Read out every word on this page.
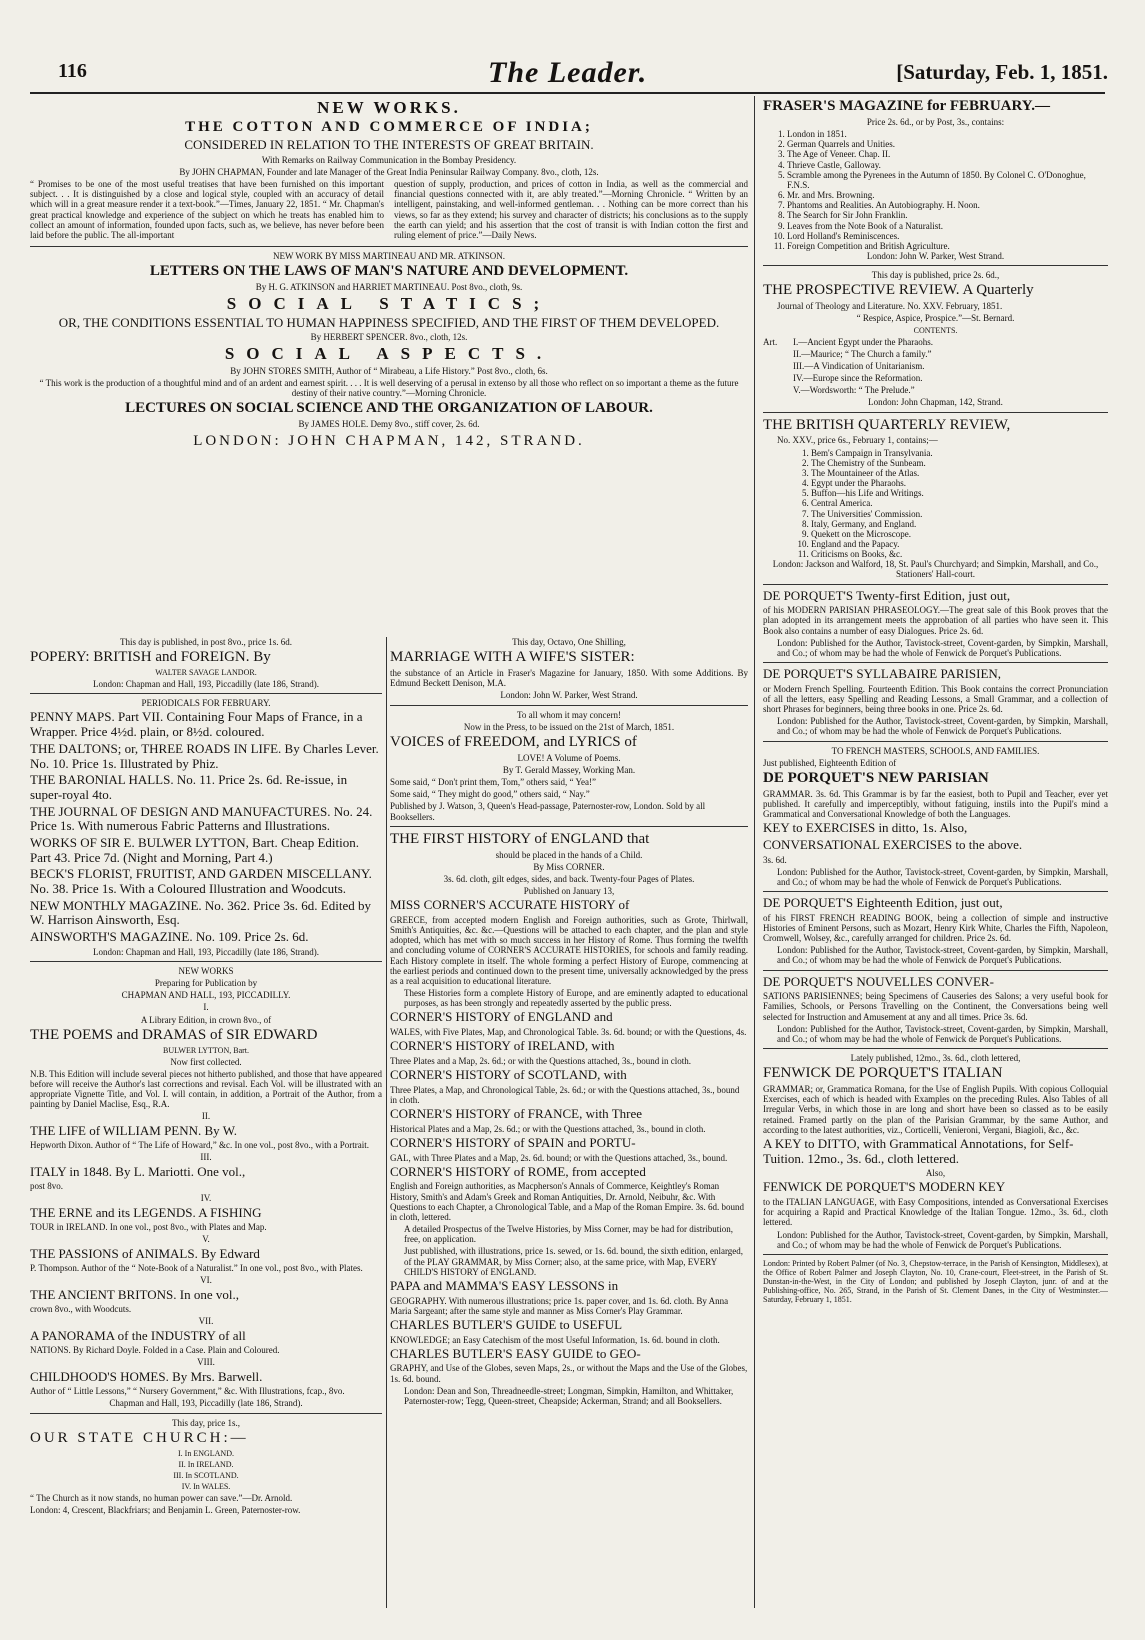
116	The Leader.	[Saturday, Feb. 1, 1851.

NEW WORKS.

THE COTTON AND COMMERCE OF INDIA;

CONSIDERED IN RELATION TO THE INTERESTS OF GREAT BRITAIN.

With Remarks on Railway Communication in the Bombay Presidency.

By JOHN CHAPMAN, Founder and late Manager of the Great India Peninsular Railway Company. 8vo., cloth, 12s.

“ Promises to be one of the most useful treatises that have been furnished on this important subject. . . It is distinguished by a close and logical style, coupled with an accuracy of detail which will in a great measure render it a text-book.”—Times, January 22, 1851. “ Mr. Chapman's great practical knowledge and experience of the subject on which he treats has enabled him to collect an amount of information, founded upon facts, such as, we believe, has never before been laid before the public. The all-important

question of supply, production, and prices of cotton in India, as well as the commercial and financial questions connected with it, are ably treated.”—Morning Chronicle. “ Written by an intelligent, painstaking, and well-informed gentleman. . . Nothing can be more correct than his views, so far as they extend; his survey and character of districts; his conclusions as to the supply the earth can yield; and his assertion that the cost of transit is with Indian cotton the first and ruling element of price.”—Daily News.

NEW WORK BY MISS MARTINEAU AND MR. ATKINSON.

LETTERS ON THE LAWS OF MAN'S NATURE AND DEVELOPMENT.

By H. G. ATKINSON and HARRIET MARTINEAU. Post 8vo., cloth, 9s.

SOCIAL STATICS;

OR, THE CONDITIONS ESSENTIAL TO HUMAN HAPPINESS SPECIFIED, AND THE FIRST OF THEM DEVELOPED.

By HERBERT SPENCER. 8vo., cloth, 12s.

SOCIAL ASPECTS.

By JOHN STORES SMITH, Author of “ Mirabeau, a Life History.” Post 8vo., cloth, 6s.

“ This work is the production of a thoughtful mind and of an ardent and earnest spirit. . . . It is well deserving of a perusal in extenso by all those who reflect on so important a theme as the future destiny of their native country.”—Morning Chronicle.

LECTURES ON SOCIAL SCIENCE AND THE ORGANIZATION OF LABOUR.

By JAMES HOLE. Demy 8vo., stiff cover, 2s. 6d.

LONDON: JOHN CHAPMAN, 142, STRAND.

This day is published, in post 8vo., price 1s. 6d.

POPERY: BRITISH and FOREIGN. By

WALTER SAVAGE LANDOR.

London: Chapman and Hall, 193, Piccadilly (late 186, Strand).

PERIODICALS FOR FEBRUARY.

PENNY MAPS. Part VII. Containing Four Maps of France, in a Wrapper. Price 4½d. plain, or 8½d. coloured.

THE DALTONS; or, THREE ROADS IN LIFE. By Charles Lever. No. 10. Price 1s. Illustrated by Phiz.

THE BARONIAL HALLS. No. 11. Price 2s. 6d. Re-issue, in super-royal 4to.

THE JOURNAL OF DESIGN AND MANUFACTURES. No. 24. Price 1s. With numerous Fabric Patterns and Illustrations.

WORKS OF SIR E. BULWER LYTTON, Bart. Cheap Edition. Part 43. Price 7d. (Night and Morning, Part 4.)

BECK'S FLORIST, FRUITIST, AND GARDEN MISCELLANY. No. 38. Price 1s. With a Coloured Illustration and Woodcuts.

NEW MONTHLY MAGAZINE. No. 362. Price 3s. 6d. Edited by W. Harrison Ainsworth, Esq.

AINSWORTH'S MAGAZINE. No. 109. Price 2s. 6d.

London: Chapman and Hall, 193, Piccadilly (late 186, Strand).

NEW WORKS

Preparing for Publication by

CHAPMAN AND HALL, 193, PICCADILLY.

I.

A Library Edition, in crown 8vo., of

THE POEMS and DRAMAS of SIR EDWARD

BULWER LYTTON, Bart.

Now first collected.

N.B. This Edition will include several pieces not hitherto published, and those that have appeared before will receive the Author's last corrections and revisal. Each Vol. will be illustrated with an appropriate Vignette Title, and Vol. I. will contain, in addition, a Portrait of the Author, from a painting by Daniel Maclise, Esq., R.A.

II.

THE LIFE of WILLIAM PENN. By W.

Hepworth Dixon. Author of “ The Life of Howard,” &c. In one vol., post 8vo., with a Portrait.

III.

ITALY in 1848. By L. Mariotti. One vol.,

post 8vo.

IV.

THE ERNE and its LEGENDS. A FISHING

TOUR in IRELAND. In one vol., post 8vo., with Plates and Map.

V.

THE PASSIONS of ANIMALS. By Edward

P. Thompson. Author of the “ Note-Book of a Naturalist.” In one vol., post 8vo., with Plates.

VI.

THE ANCIENT BRITONS. In one vol.,

crown 8vo., with Woodcuts.

VII.

A PANORAMA of the INDUSTRY of all

NATIONS. By Richard Doyle. Folded in a Case. Plain and Coloured.

VIII.

CHILDHOOD'S HOMES. By Mrs. Barwell.

Author of “ Little Lessons,” “ Nursery Government,” &c. With Illustrations, fcap., 8vo.

Chapman and Hall, 193, Piccadilly (late 186, Strand).

This day, price 1s.,

OUR STATE CHURCH:—

I. In ENGLAND.

II. In IRELAND.

III. In SCOTLAND.

IV. In WALES.

“ The Church as it now stands, no human power can save.”—Dr. Arnold.

London: 4, Crescent, Blackfriars; and Benjamin L. Green, Paternoster-row.

This day, Octavo, One Shilling,

MARRIAGE WITH A WIFE'S SISTER:

the substance of an Article in Fraser's Magazine for January, 1850. With some Additions. By Edmund Beckett Denison, M.A.

London: John W. Parker, West Strand.

To all whom it may concern!

Now in the Press, to be issued on the 21st of March, 1851.

VOICES of FREEDOM, and LYRICS of

LOVE! A Volume of Poems.

By T. Gerald Massey, Working Man.

Some said, “ Don't print them, Tom,” others said, “ Yea!”

Some said, “ They might do good,” others said, “ Nay.”

Published by J. Watson, 3, Queen's Head-passage, Paternoster-row, London. Sold by all Booksellers.

THE FIRST HISTORY of ENGLAND that

should be placed in the hands of a Child.

By Miss CORNER.

3s. 6d. cloth, gilt edges, sides, and back. Twenty-four Pages of Plates.

Published on January 13,

MISS CORNER'S ACCURATE HISTORY of

GREECE, from accepted modern English and Foreign authorities, such as Grote, Thirlwall, Smith's Antiquities, &c. &c.—Questions will be attached to each chapter, and the plan and style adopted, which has met with so much success in her History of Rome. Thus forming the twelfth and concluding volume of CORNER'S ACCURATE HISTORIES, for schools and family reading. Each History complete in itself. The whole forming a perfect History of Europe, commencing at the earliest periods and continued down to the present time, universally acknowledged by the press as a real acquisition to educational literature.

These Histories form a complete History of Europe, and are eminently adapted to educational purposes, as has been strongly and repeatedly asserted by the public press.

CORNER'S HISTORY of ENGLAND and

WALES, with Five Plates, Map, and Chronological Table. 3s. 6d. bound; or with the Questions, 4s.

CORNER'S HISTORY of IRELAND, with

Three Plates and a Map, 2s. 6d.; or with the Questions attached, 3s., bound in cloth.

CORNER'S HISTORY of SCOTLAND, with

Three Plates, a Map, and Chronological Table, 2s. 6d.; or with the Questions attached, 3s., bound in cloth.

CORNER'S HISTORY of FRANCE, with Three

Historical Plates and a Map, 2s. 6d.; or with the Questions attached, 3s., bound in cloth.

CORNER'S HISTORY of SPAIN and PORTU-

GAL, with Three Plates and a Map, 2s. 6d. bound; or with the Questions attached, 3s., bound.

CORNER'S HISTORY of ROME, from accepted

English and Foreign authorities, as Macpherson's Annals of Commerce, Keightley's Roman History, Smith's and Adam's Greek and Roman Antiquities, Dr. Arnold, Neibuhr, &c. With Questions to each Chapter, a Chronological Table, and a Map of the Roman Empire. 3s. 6d. bound in cloth, lettered.

A detailed Prospectus of the Twelve Histories, by Miss Corner, may be had for distribution, free, on application.

Just published, with illustrations, price 1s. sewed, or 1s. 6d. bound, the sixth edition, enlarged, of the PLAY GRAMMAR, by Miss Corner; also, at the same price, with Map, EVERY CHILD'S HISTORY of ENGLAND.

PAPA and MAMMA'S EASY LESSONS in

GEOGRAPHY. With numerous illustrations; price 1s. paper cover, and 1s. 6d. cloth. By Anna Maria Sargeant; after the same style and manner as Miss Corner's Play Grammar.

CHARLES BUTLER'S GUIDE to USEFUL

KNOWLEDGE; an Easy Catechism of the most Useful Information, 1s. 6d. bound in cloth.

CHARLES BUTLER'S EASY GUIDE to GEO-

GRAPHY, and Use of the Globes, seven Maps, 2s., or without the Maps and the Use of the Globes, 1s. 6d. bound.

London: Dean and Son, Threadneedle-street; Longman, Simpkin, Hamilton, and Whittaker, Paternoster-row; Tegg, Queen-street, Cheapside; Ackerman, Strand; and all Booksellers.

FRASER'S MAGAZINE for FEBRUARY.—

Price 2s. 6d., or by Post, 3s., contains:

1. London in 1851.
2. German Quarrels and Unities.
3. The Age of Veneer. Chap. II.
4. Thrieve Castle, Galloway.
5. Scramble among the Pyrenees in the Autumn of 1850. By Colonel C. O'Donoghue, F.N.S.
6. Mr. and Mrs. Browning.
7. Phantoms and Realities. An Autobiography. H. Noon.
8. The Search for Sir John Franklin.
9. Leaves from the Note Book of a Naturalist.
10. Lord Holland's Reminiscences.
11. Foreign Competition and British Agriculture.

London: John W. Parker, West Strand.

This day is published, price 2s. 6d.,

THE PROSPECTIVE REVIEW. A Quarterly

Journal of Theology and Literature. No. XXV. February, 1851.

“ Respice, Aspice, Prospice.”—St. Bernard.

CONTENTS.

Art.	I.—Ancient Egypt under the Pharaohs.

II.—Maurice; “ The Church a family.”

III.—A Vindication of Unitarianism.

IV.—Europe since the Reformation.

V.—Wordsworth: “ The Prelude.”

London: John Chapman, 142, Strand.

THE BRITISH QUARTERLY REVIEW,

No. XXV., price 6s., February 1, contains;—

1. Bem's Campaign in Transylvania.
2. The Chemistry of the Sunbeam.
3. The Mountaineer of the Atlas.
4. Egypt under the Pharaohs.
5. Buffon—his Life and Writings.
6. Central America.
7. The Universities' Commission.
8. Italy, Germany, and England.
9. Quekett on the Microscope.
10. England and the Papacy.
11. Criticisms on Books, &c.

London: Jackson and Walford, 18, St. Paul's Churchyard; and Simpkin, Marshall, and Co., Stationers' Hall-court.

DE PORQUET'S Twenty-first Edition, just out,

of his MODERN PARISIAN PHRASEOLOGY.—The great sale of this Book proves that the plan adopted in its arrangement meets the approbation of all parties who have seen it. This Book also contains a number of easy Dialogues. Price 2s. 6d.

London: Published for the Author, Tavistock-street, Covent-garden, by Simpkin, Marshall, and Co.; of whom may be had the whole of Fenwick de Porquet's Publications.

DE PORQUET'S SYLLABAIRE PARISIEN,

or Modern French Spelling. Fourteenth Edition. This Book contains the correct Pronunciation of all the letters, easy Spelling and Reading Lessons, a Small Grammar, and a collection of short Phrases for beginners, being three books in one. Price 2s. 6d.

London: Published for the Author, Tavistock-street, Covent-garden, by Simpkin, Marshall, and Co.; of whom may be had the whole of Fenwick de Porquet's Publications.

TO FRENCH MASTERS, SCHOOLS, AND FAMILIES.

Just published, Eighteenth Edition of

DE PORQUET'S NEW PARISIAN

GRAMMAR. 3s. 6d. This Grammar is by far the easiest, both to Pupil and Teacher, ever yet published. It carefully and imperceptibly, without fatiguing, instils into the Pupil's mind a Grammatical and Conversational Knowledge of both the Languages.

KEY to EXERCISES in ditto, 1s. Also,

CONVERSATIONAL EXERCISES to the above.

3s. 6d.

London: Published for the Author, Tavistock-street, Covent-garden, by Simpkin, Marshall, and Co.; of whom may be had the whole of Fenwick de Porquet's Publications.

DE PORQUET'S Eighteenth Edition, just out,

of his FIRST FRENCH READING BOOK, being a collection of simple and instructive Histories of Eminent Persons, such as Mozart, Henry Kirk White, Charles the Fifth, Napoleon, Cromwell, Wolsey, &c., carefully arranged for children. Price 2s. 6d.

London: Published for the Author, Tavistock-street, Covent-garden, by Simpkin, Marshall, and Co.; of whom may be had the whole of Fenwick de Porquet's Publications.

DE PORQUET'S NOUVELLES CONVER-

SATIONS PARISIENNES; being Specimens of Causeries des Salons; a very useful book for Families, Schools, or Persons Travelling on the Continent, the Conversations being well selected for Instruction and Amusement at any and all times. Price 3s. 6d.

London: Published for the Author, Tavistock-street, Covent-garden, by Simpkin, Marshall, and Co.; of whom may be had the whole of Fenwick de Porquet's Publications.

Lately published, 12mo., 3s. 6d., cloth lettered,

FENWICK DE PORQUET'S ITALIAN

GRAMMAR; or, Grammatica Romana, for the Use of English Pupils. With copious Colloquial Exercises, each of which is headed with Examples on the preceding Rules. Also Tables of all Irregular Verbs, in which those in are long and short have been so classed as to be easily retained. Framed partly on the plan of the Parisian Grammar, by the same Author, and according to the latest authorities, viz., Corticelli, Venieroni, Vergani, Biagioli, &c., &c.

A KEY to DITTO, with Grammatical Annotations, for Self-Tuition. 12mo., 3s. 6d., cloth lettered.

Also,

FENWICK DE PORQUET'S MODERN KEY

to the ITALIAN LANGUAGE, with Easy Compositions, intended as Conversational Exercises for acquiring a Rapid and Practical Knowledge of the Italian Tongue. 12mo., 3s. 6d., cloth lettered.

London: Published for the Author, Tavistock-street, Covent-garden, by Simpkin, Marshall, and Co.; of whom may be had the whole of Fenwick de Porquet's Publications.

London: Printed by Robert Palmer (of No. 3, Chepstow-terrace, in the Parish of Kensington, Middlesex), at the Office of Robert Palmer and Joseph Clayton, No. 10, Crane-court, Fleet-street, in the Parish of St. Dunstan-in-the-West, in the City of London; and published by Joseph Clayton, junr. of and at the Publishing-office, No. 265, Strand, in the Parish of St. Clement Danes, in the City of Westminster.—Saturday, February 1, 1851.
